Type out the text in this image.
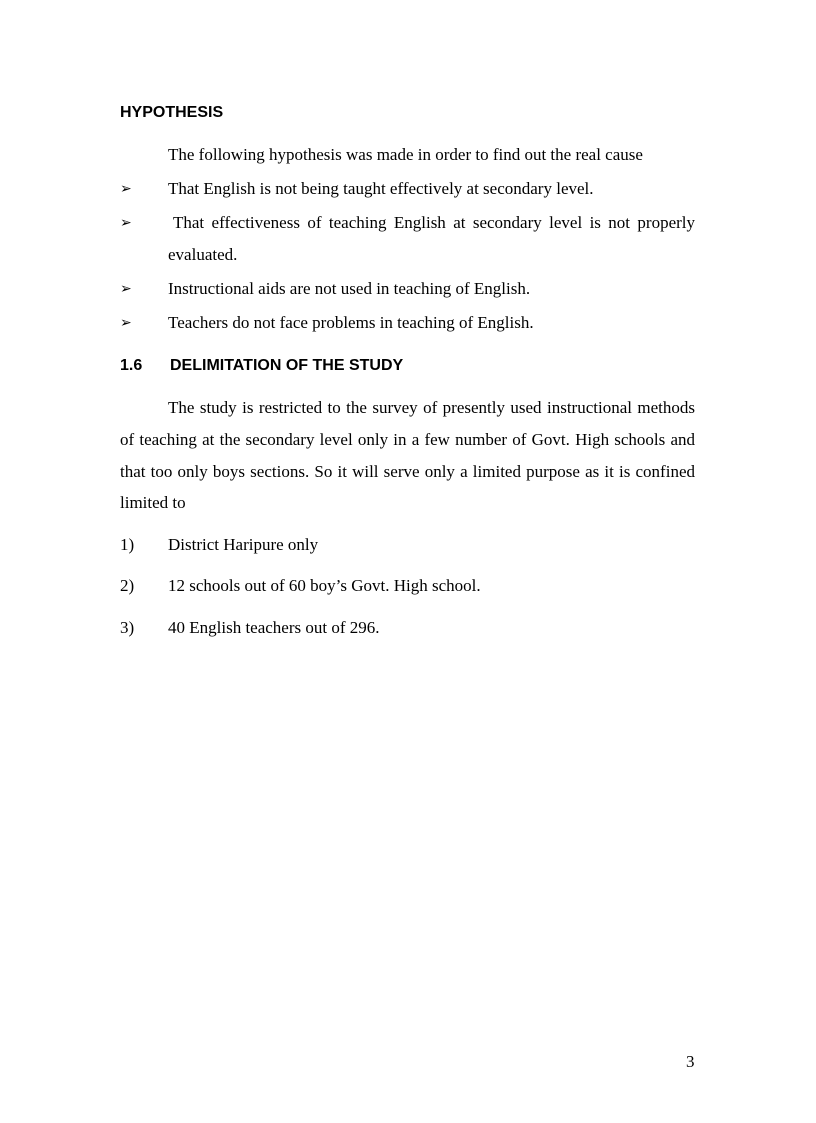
HYPOTHESIS
The following hypothesis was made in order to find out the real cause
➢ That English is not being taught effectively at secondary level.
➢ That effectiveness of teaching English at secondary level is not properly
evaluated.
➢ Instructional aids are not used in teaching of English.
➢ Teachers do not face problems in teaching of English.
1.6 DELIMITATION OF THE STUDY
The study is restricted to the survey of presently used instructional methods
of teaching at the secondary level only in a few number of Govt. High schools and
that too only boys sections. So it will serve only a limited purpose as it is confined
limited to
1) District Haripure only
2) 12 schools out of 60 boy’s Govt. High school.
3) 40 English teachers out of 296.
3
